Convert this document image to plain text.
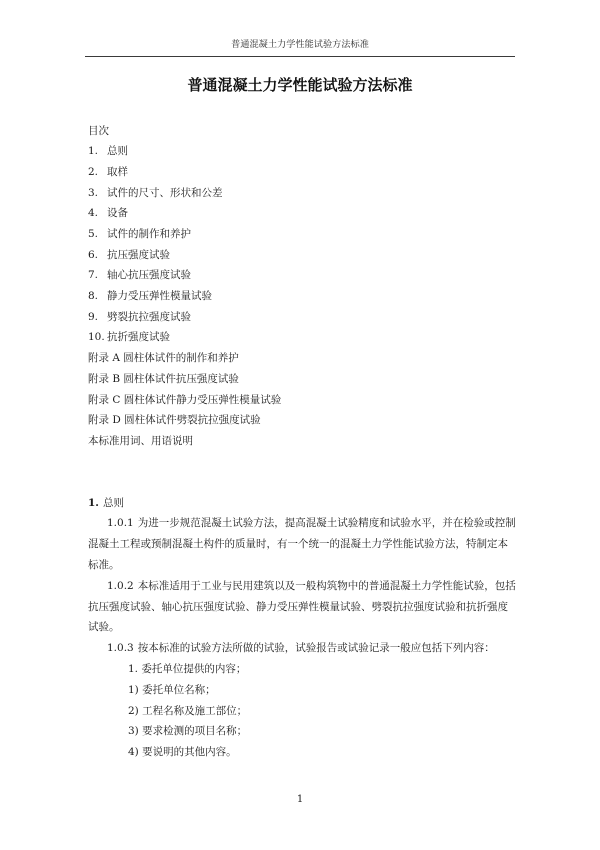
普通混凝土力学性能试验方法标准
普通混凝土力学性能试验方法标准
目次
1. 总则
2. 取样
3. 试件的尺寸、形状和公差
4. 设备
5. 试件的制作和养护
6. 抗压强度试验
7. 轴心抗压强度试验
8. 静力受压弹性模量试验
9. 劈裂抗拉强度试验
10. 抗折强度试验
附录 A 圆柱体试件的制作和养护
附录 B 圆柱体试件抗压强度试验
附录 C 圆柱体试件静力受压弹性模量试验
附录 D 圆柱体试件劈裂抗拉强度试验
本标准用词、用语说明
1. 总则
1.0.1 为进一步规范混凝土试验方法，提高混凝土试验精度和试验水平，并在检验或控制
混凝土工程或预制混凝土构件的质量时，有一个统一的混凝土力学性能试验方法，特制定本
标准。
1.0.2 本标准适用于工业与民用建筑以及一般构筑物中的普通混凝土力学性能试验，包括
抗压强度试验、轴心抗压强度试验、静力受压弹性模量试验、劈裂抗拉强度试验和抗折强度
试验。
1.0.3 按本标准的试验方法所做的试验，试验报告或试验记录一般应包括下列内容：
1. 委托单位提供的内容；
1) 委托单位名称；
2) 工程名称及施工部位；
3) 要求检测的项目名称；
4) 要说明的其他内容。
1
